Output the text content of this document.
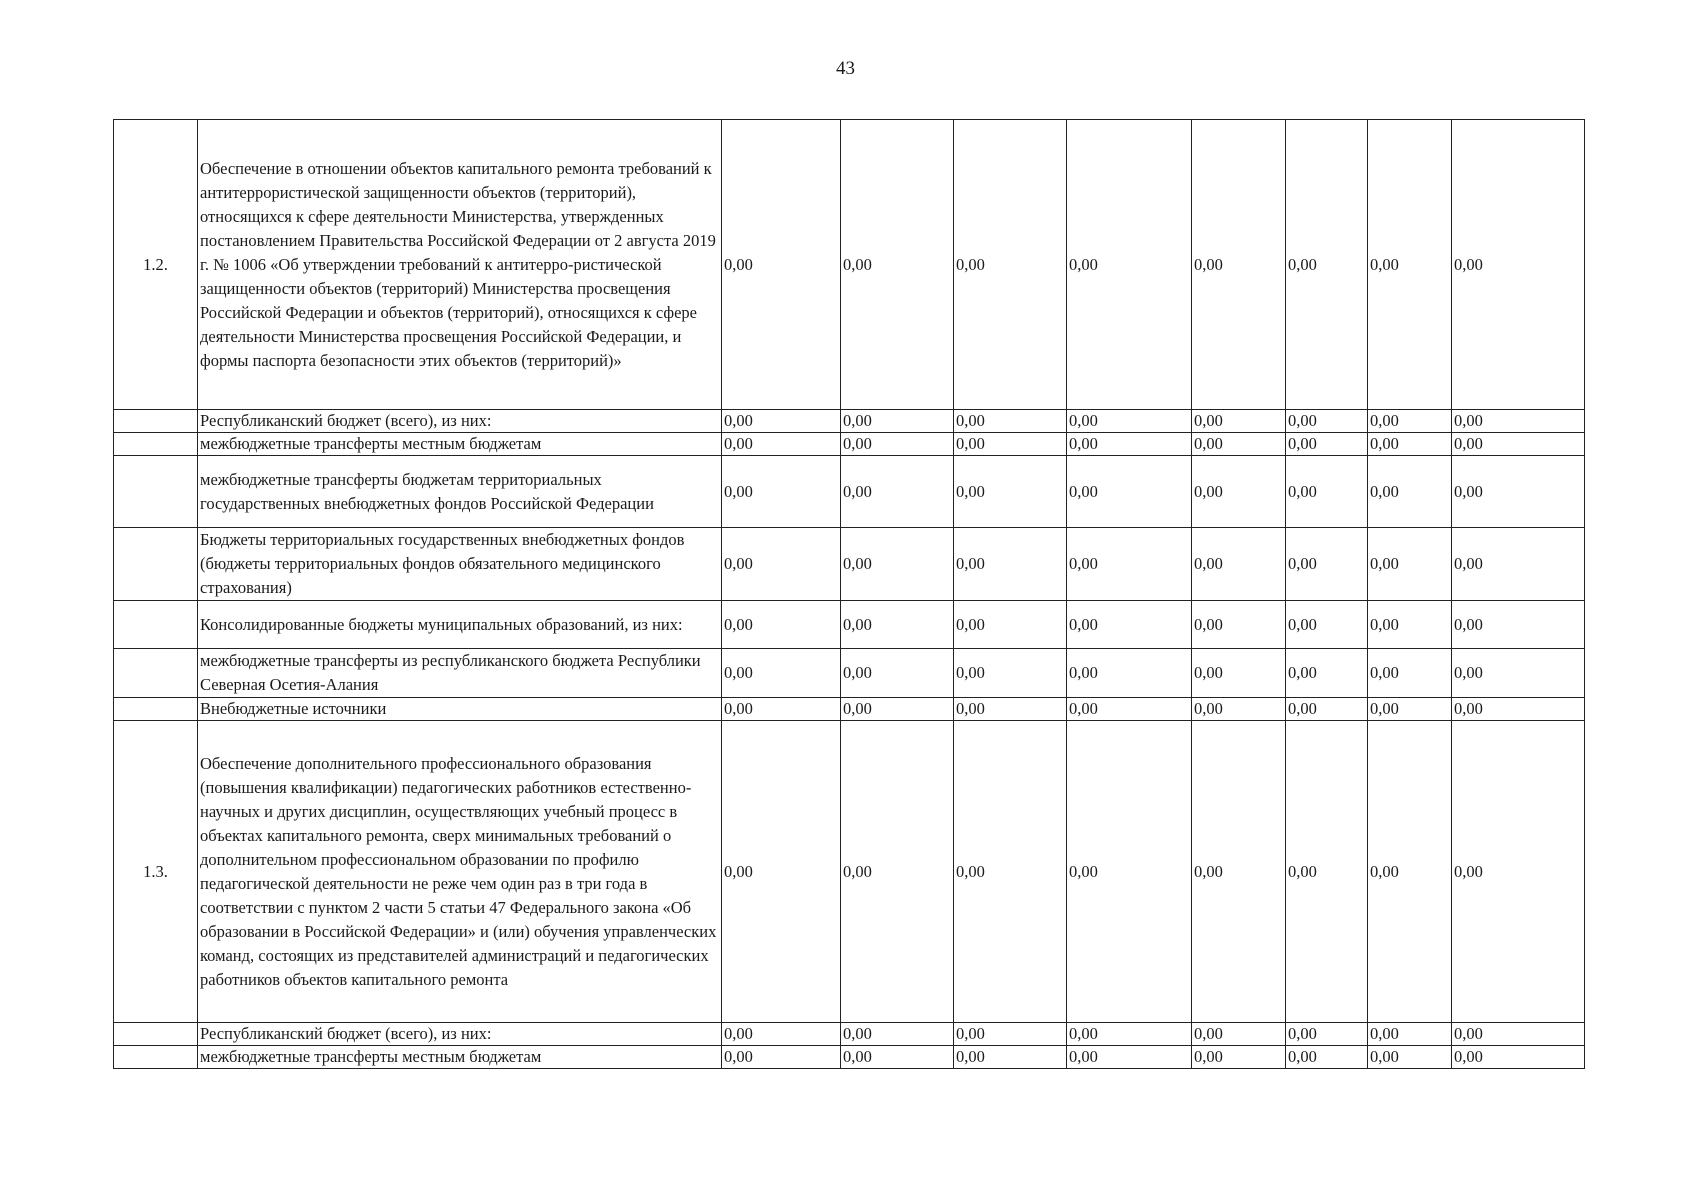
43
1.2.	Обеспечение в отношении объектов капитального ремонта требований к антитеррористической защищенности объектов (территорий), относящихся к сфере деятельности Министерства, утвержденных постановлением Правительства Российской Федерации от 2 августа 2019 г. № 1006 «Об утверждении требований к антитерро-ристической защищенности объектов (территорий) Министерства просвещения Российской Федерации и объектов (территорий), относящихся к сфере деятельности Министерства просвещения Российской Федерации, и формы паспорта безопасности этих объектов (территорий)»	0,00	0,00	0,00	0,00	0,00	0,00	0,00	0,00
	Республиканский бюджет (всего), из них:	0,00	0,00	0,00	0,00	0,00	0,00	0,00	0,00
	межбюджетные трансферты местным бюджетам	0,00	0,00	0,00	0,00	0,00	0,00	0,00	0,00
	межбюджетные трансферты бюджетам территориальных государственных внебюджетных фондов Российской Федерации	0,00	0,00	0,00	0,00	0,00	0,00	0,00	0,00
	Бюджеты территориальных государственных внебюджетных фондов (бюджеты территориальных фондов обязательного медицинского страхования)	0,00	0,00	0,00	0,00	0,00	0,00	0,00	0,00
	Консолидированные бюджеты муниципальных образований, из них:	0,00	0,00	0,00	0,00	0,00	0,00	0,00	0,00
	межбюджетные трансферты из республиканского бюджета Республики Северная Осетия-Алания	0,00	0,00	0,00	0,00	0,00	0,00	0,00	0,00
	Внебюджетные источники	0,00	0,00	0,00	0,00	0,00	0,00	0,00	0,00
1.3.	Обеспечение дополнительного профессионального образования (повышения квалификации) педагогических работников естественно-научных и других дисциплин, осуществляющих учебный процесс в объектах капитального ремонта, сверх минимальных требований о дополнительном профессиональном образовании по профилю педагогической деятельности не реже чем один раз в три года в соответствии с пунктом 2 части 5 статьи 47 Федерального закона «Об образовании в Российской Федерации» и (или) обучения управленческих команд, состоящих из представителей администраций и педагогических работников объектов капитального ремонта	0,00	0,00	0,00	0,00	0,00	0,00	0,00	0,00
	Республиканский бюджет (всего), из них:	0,00	0,00	0,00	0,00	0,00	0,00	0,00	0,00
	межбюджетные трансферты местным бюджетам	0,00	0,00	0,00	0,00	0,00	0,00	0,00	0,00
